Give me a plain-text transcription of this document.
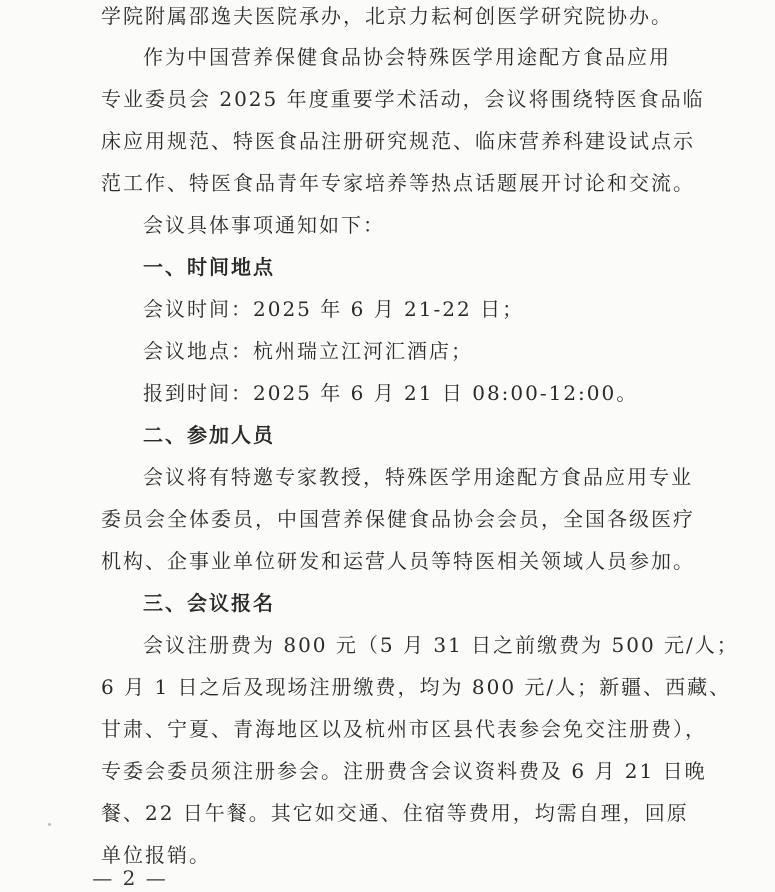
学院附属邵逸夫医院承办，北京力耘柯创医学研究院协办。
作为中国营养保健食品协会特殊医学用途配方食品应用
专业委员会 2025 年度重要学术活动，会议将围绕特医食品临
床应用规范、特医食品注册研究规范、临床营养科建设试点示
范工作、特医食品青年专家培养等热点话题展开讨论和交流。
会议具体事项通知如下：
一、时间地点
会议时间：2025 年 6 月 21-22 日；
会议地点：杭州瑞立江河汇酒店；
报到时间：2025 年 6 月 21 日 08:00-12:00。
二、参加人员
会议将有特邀专家教授，特殊医学用途配方食品应用专业
委员会全体委员，中国营养保健食品协会会员，全国各级医疗
机构、企事业单位研发和运营人员等特医相关领域人员参加。
三、会议报名
会议注册费为 800 元（5 月 31 日之前缴费为 500 元/人；
6 月 1 日之后及现场注册缴费，均为 800 元/人；新疆、西藏、
甘肃、宁夏、青海地区以及杭州市区县代表参会免交注册费），
专委会委员须注册参会。注册费含会议资料费及 6 月 21 日晚
餐、22 日午餐。其它如交通、住宿等费用，均需自理，回原
单位报销。
— 2 —
